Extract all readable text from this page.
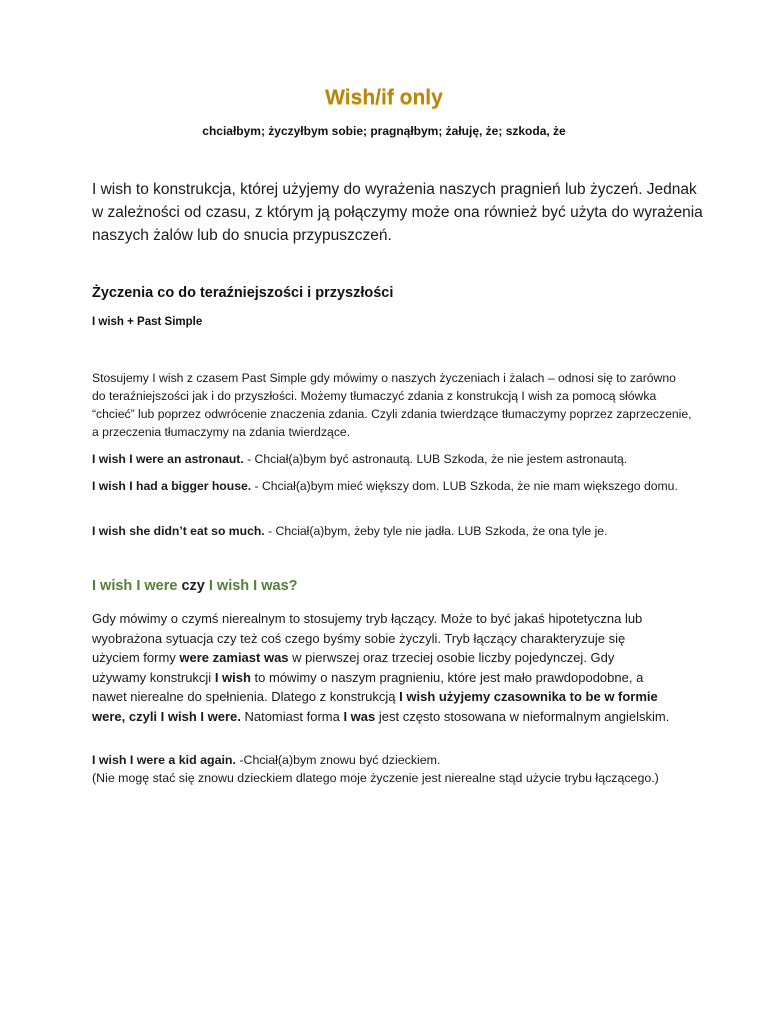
Wish/if only
chciałbym; życzyłbym sobie; pragnąłbym; żałuję, że; szkoda, że
I wish to konstrukcja, której użyjemy do wyrażenia naszych pragnień lub życzeń. Jednak w zależności od czasu, z którym ją połączymy może ona również być użyta do wyrażenia naszych żalów lub do snucia przypuszczeń.
Życzenia co do teraźniejszości i przyszłości
I wish + Past Simple
Stosujemy I wish z czasem Past Simple gdy mówimy o naszych życzeniach i żalach – odnosi się to zarówno do teraźniejszości jak i do przyszłości. Możemy tłumaczyć zdania z konstrukcją I wish za pomocą słówka “chcieć” lub poprzez odwrócenie znaczenia zdania. Czyli zdania twierdzące tłumaczymy poprzez zaprzeczenie, a przeczenia tłumaczymy na zdania twierdzące.
I wish I were an astronaut. - Chciał(a)bym być astronautą. LUB Szkoda, że nie jestem astronautą.
I wish I had a bigger house. - Chciał(a)bym mieć większy dom. LUB Szkoda, że nie mam większego domu.
I wish she didn’t eat so much. - Chciał(a)bym, żeby tyle nie jadła. LUB Szkoda, że ona tyle je.
I wish I were czy I wish I was?
Gdy mówimy o czymś nierealnym to stosujemy tryb łączący. Może to być jakaś hipotetyczna lub wyobrażona sytuacja czy też coś czego byśmy sobie życzyli. Tryb łączący charakteryzuje się użyciem formy were zamiast was w pierwszej oraz trzeciej osobie liczby pojedynczej. Gdy używamy konstrukcji I wish to mówimy o naszym pragnieniu, które jest mało prawdopodobne, a nawet nierealne do spełnienia. Dlatego z konstrukcją I wish użyjemy czasownika to be w formie were, czyli I wish I were. Natomiast forma I was jest często stosowana w nieformalnym angielskim.
I wish I were a kid again. -Chciał(a)bym znowu być dzieckiem.
(Nie mogę stać się znowu dzieckiem dlatego moje życzenie jest nierealne stąd użycie trybu łączącego.)
